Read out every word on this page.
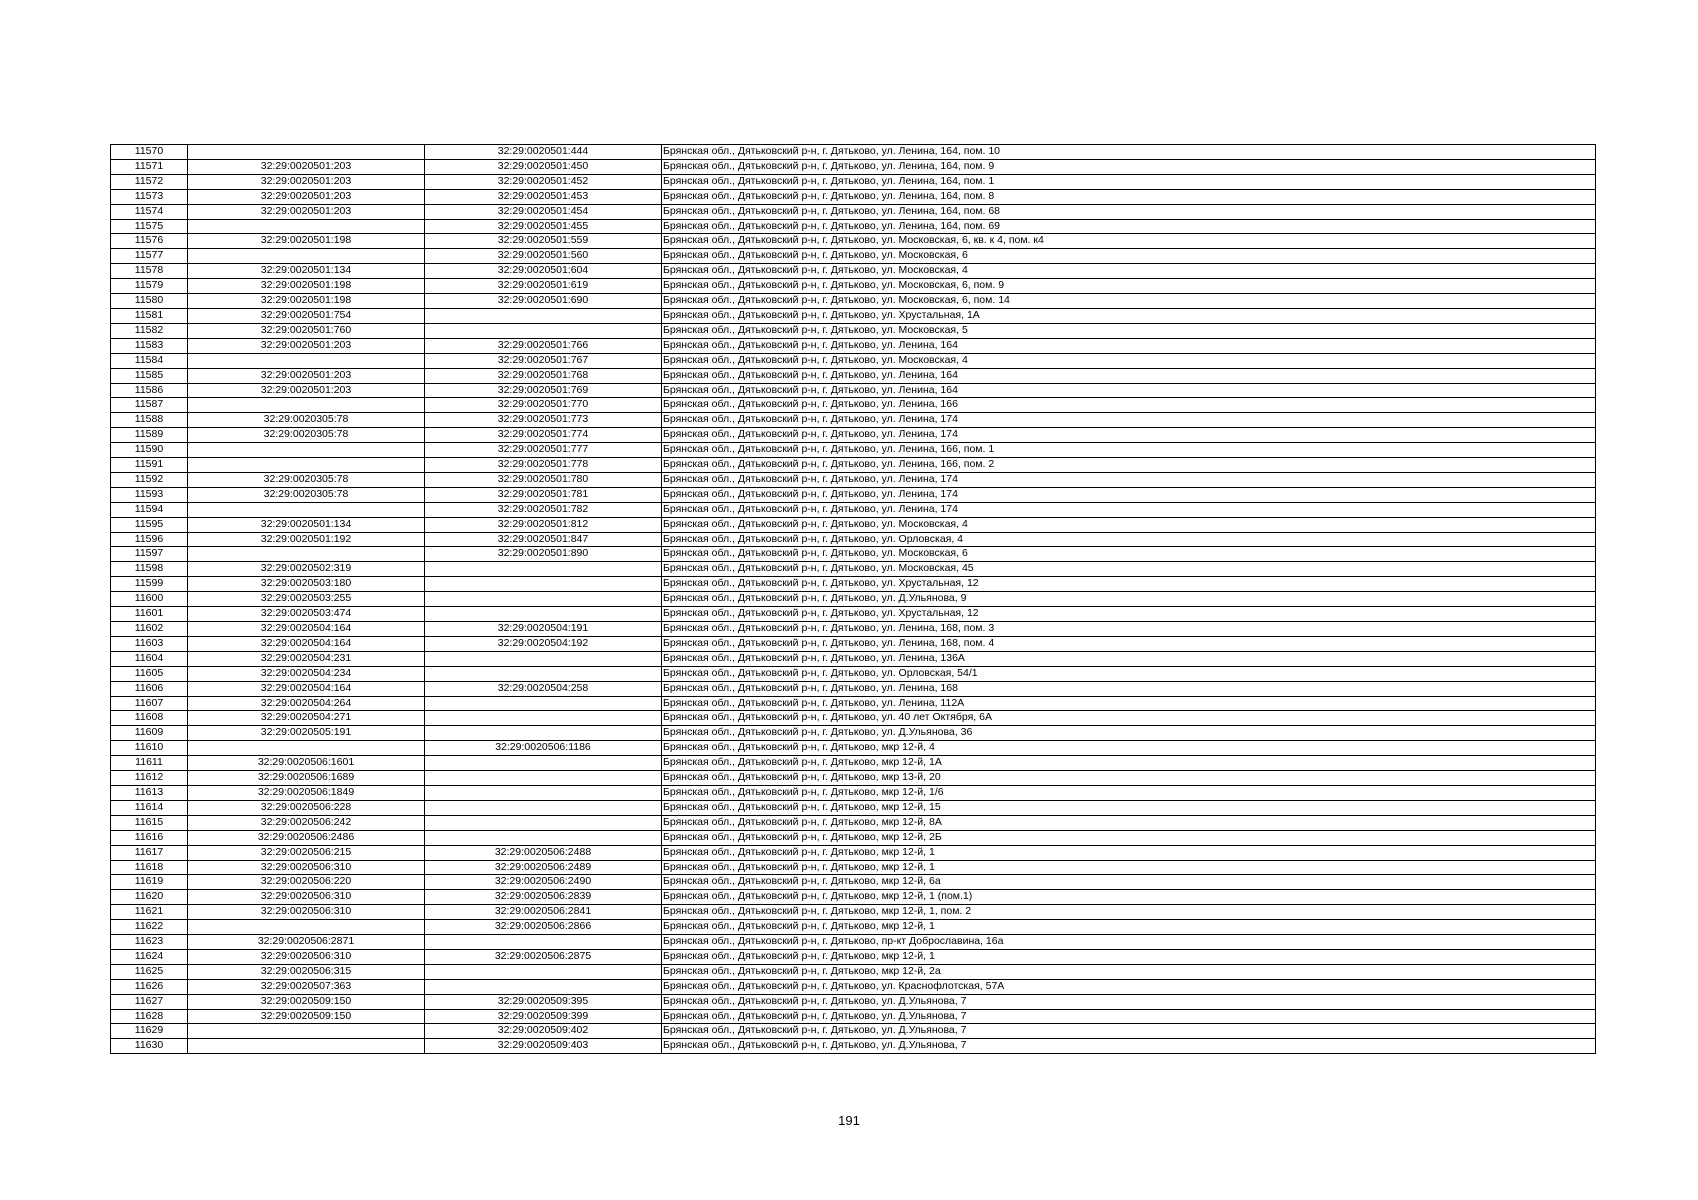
11570		32:29:0020501:444	Брянская обл., Дятьковский р-н, г. Дятьково, ул. Ленина, 164, пом. 10
11571	32:29:0020501:203	32:29:0020501:450	Брянская обл., Дятьковский р-н, г. Дятьково, ул. Ленина, 164, пом. 9
11572	32:29:0020501:203	32:29:0020501:452	Брянская обл., Дятьковский р-н, г. Дятьково, ул. Ленина, 164, пом. 1
11573	32:29:0020501:203	32:29:0020501:453	Брянская обл., Дятьковский р-н, г. Дятьково, ул. Ленина, 164, пом. 8
11574	32:29:0020501:203	32:29:0020501:454	Брянская обл., Дятьковский р-н, г. Дятьково, ул. Ленина, 164, пом. 68
11575		32:29:0020501:455	Брянская обл., Дятьковский р-н, г. Дятьково, ул. Ленина, 164, пом. 69
11576	32:29:0020501:198	32:29:0020501:559	Брянская обл., Дятьковский р-н, г. Дятьково, ул. Московская, 6, кв. к 4, пом. к4
11577		32:29:0020501:560	Брянская обл., Дятьковский р-н, г. Дятьково, ул. Московская, 6
11578	32:29:0020501:134	32:29:0020501:604	Брянская обл., Дятьковский р-н, г. Дятьково, ул. Московская, 4
11579	32:29:0020501:198	32:29:0020501:619	Брянская обл., Дятьковский р-н, г. Дятьково, ул. Московская, 6, пом. 9
11580	32:29:0020501:198	32:29:0020501:690	Брянская обл., Дятьковский р-н, г. Дятьково, ул. Московская, 6, пом. 14
11581	32:29:0020501:754		Брянская обл., Дятьковский р-н, г. Дятьково, ул. Хрустальная, 1А
11582	32:29:0020501:760		Брянская обл., Дятьковский р-н, г. Дятьково, ул. Московская, 5
11583	32:29:0020501:203	32:29:0020501:766	Брянская обл., Дятьковский р-н, г. Дятьково, ул. Ленина, 164
11584		32:29:0020501:767	Брянская обл., Дятьковский р-н, г. Дятьково, ул. Московская, 4
11585	32:29:0020501:203	32:29:0020501:768	Брянская обл., Дятьковский р-н, г. Дятьково, ул. Ленина, 164
11586	32:29:0020501:203	32:29:0020501:769	Брянская обл., Дятьковский р-н, г. Дятьково, ул. Ленина, 164
11587		32:29:0020501:770	Брянская обл., Дятьковский р-н, г. Дятьково, ул. Ленина, 166
11588	32:29:0020305:78	32:29:0020501:773	Брянская обл., Дятьковский р-н, г. Дятьково, ул. Ленина, 174
11589	32:29:0020305:78	32:29:0020501:774	Брянская обл., Дятьковский р-н, г. Дятьково, ул. Ленина, 174
11590		32:29:0020501:777	Брянская обл., Дятьковский р-н, г. Дятьково, ул. Ленина, 166, пом. 1
11591		32:29:0020501:778	Брянская обл., Дятьковский р-н, г. Дятьково, ул. Ленина, 166, пом. 2
11592	32:29:0020305:78	32:29:0020501:780	Брянская обл., Дятьковский р-н, г. Дятьково, ул. Ленина, 174
11593	32:29:0020305:78	32:29:0020501:781	Брянская обл., Дятьковский р-н, г. Дятьково, ул. Ленина, 174
11594		32:29:0020501:782	Брянская обл., Дятьковский р-н, г. Дятьково, ул. Ленина, 174
11595	32:29:0020501:134	32:29:0020501:812	Брянская обл., Дятьковский р-н, г. Дятьково, ул. Московская, 4
11596	32:29:0020501:192	32:29:0020501:847	Брянская обл., Дятьковский р-н, г. Дятьково, ул. Орловская, 4
11597		32:29:0020501:890	Брянская обл., Дятьковский р-н, г. Дятьково, ул. Московская, 6
11598	32:29:0020502:319		Брянская обл., Дятьковский р-н, г. Дятьково, ул. Московская, 45
11599	32:29:0020503:180		Брянская обл., Дятьковский р-н, г. Дятьково, ул. Хрустальная, 12
11600	32:29:0020503:255		Брянская обл., Дятьковский р-н, г. Дятьково, ул. Д.Ульянова, 9
11601	32:29:0020503:474		Брянская обл., Дятьковский р-н, г. Дятьково, ул. Хрустальная, 12
11602	32:29:0020504:164	32:29:0020504:191	Брянская обл., Дятьковский р-н, г. Дятьково, ул. Ленина, 168, пом. 3
11603	32:29:0020504:164	32:29:0020504:192	Брянская обл., Дятьковский р-н, г. Дятьково, ул. Ленина, 168, пом. 4
11604	32:29:0020504:231		Брянская обл., Дятьковский р-н, г. Дятьково, ул. Ленина, 136А
11605	32:29:0020504:234		Брянская обл., Дятьковский р-н, г. Дятьково, ул. Орловская, 54/1
11606	32:29:0020504:164	32:29:0020504:258	Брянская обл., Дятьковский р-н, г. Дятьково, ул. Ленина, 168
11607	32:29:0020504:264		Брянская обл., Дятьковский р-н, г. Дятьково, ул. Ленина, 112А
11608	32:29:0020504:271		Брянская обл., Дятьковский р-н, г. Дятьково, ул. 40 лет Октября, 6А
11609	32:29:0020505:191		Брянская обл., Дятьковский р-н, г. Дятьково, ул. Д.Ульянова, 36
11610		32:29:0020506:1186	Брянская обл., Дятьковский р-н, г. Дятьково, мкр 12-й, 4
11611	32:29:0020506:1601		Брянская обл., Дятьковский р-н, г. Дятьково, мкр 12-й, 1А
11612	32:29:0020506:1689		Брянская обл., Дятьковский р-н, г. Дятьково, мкр 13-й, 20
11613	32:29:0020506:1849		Брянская обл., Дятьковский р-н, г. Дятьково, мкр 12-й, 1/6
11614	32:29:0020506:228		Брянская обл., Дятьковский р-н, г. Дятьково, мкр 12-й, 15
11615	32:29:0020506:242		Брянская обл., Дятьковский р-н, г. Дятьково, мкр 12-й, 8А
11616	32:29:0020506:2486		Брянская обл., Дятьковский р-н, г. Дятьково, мкр 12-й, 2Б
11617	32:29:0020506:215	32:29:0020506:2488	Брянская обл., Дятьковский р-н, г. Дятьково, мкр 12-й, 1
11618	32:29:0020506:310	32:29:0020506:2489	Брянская обл., Дятьковский р-н, г. Дятьково, мкр 12-й, 1
11619	32:29:0020506:220	32:29:0020506:2490	Брянская обл., Дятьковский р-н, г. Дятьково, мкр 12-й, 6а
11620	32:29:0020506:310	32:29:0020506:2839	Брянская обл., Дятьковский р-н, г. Дятьково, мкр 12-й, 1 (пом.1)
11621	32:29:0020506:310	32:29:0020506:2841	Брянская обл., Дятьковский р-н, г. Дятьково, мкр 12-й, 1, пом. 2
11622		32:29:0020506:2866	Брянская обл., Дятьковский р-н, г. Дятьково, мкр 12-й, 1
11623	32:29:0020506:2871		Брянская обл., Дятьковский р-н, г. Дятьково, пр-кт Доброславина, 16а
11624	32:29:0020506:310	32:29:0020506:2875	Брянская обл., Дятьковский р-н, г. Дятьково, мкр 12-й, 1
11625	32:29:0020506:315		Брянская обл., Дятьковский р-н, г. Дятьково, мкр 12-й, 2а
11626	32:29:0020507:363		Брянская обл., Дятьковский р-н, г. Дятьково, ул. Краснофлотская, 57А
11627	32:29:0020509:150	32:29:0020509:395	Брянская обл., Дятьковский р-н, г. Дятьково, ул. Д.Ульянова, 7
11628	32:29:0020509:150	32:29:0020509:399	Брянская обл., Дятьковский р-н, г. Дятьково, ул. Д.Ульянова, 7
11629		32:29:0020509:402	Брянская обл., Дятьковский р-н, г. Дятьково, ул. Д.Ульянова, 7
11630		32:29:0020509:403	Брянская обл., Дятьковский р-н, г. Дятьково, ул. Д.Ульянова, 7
191
